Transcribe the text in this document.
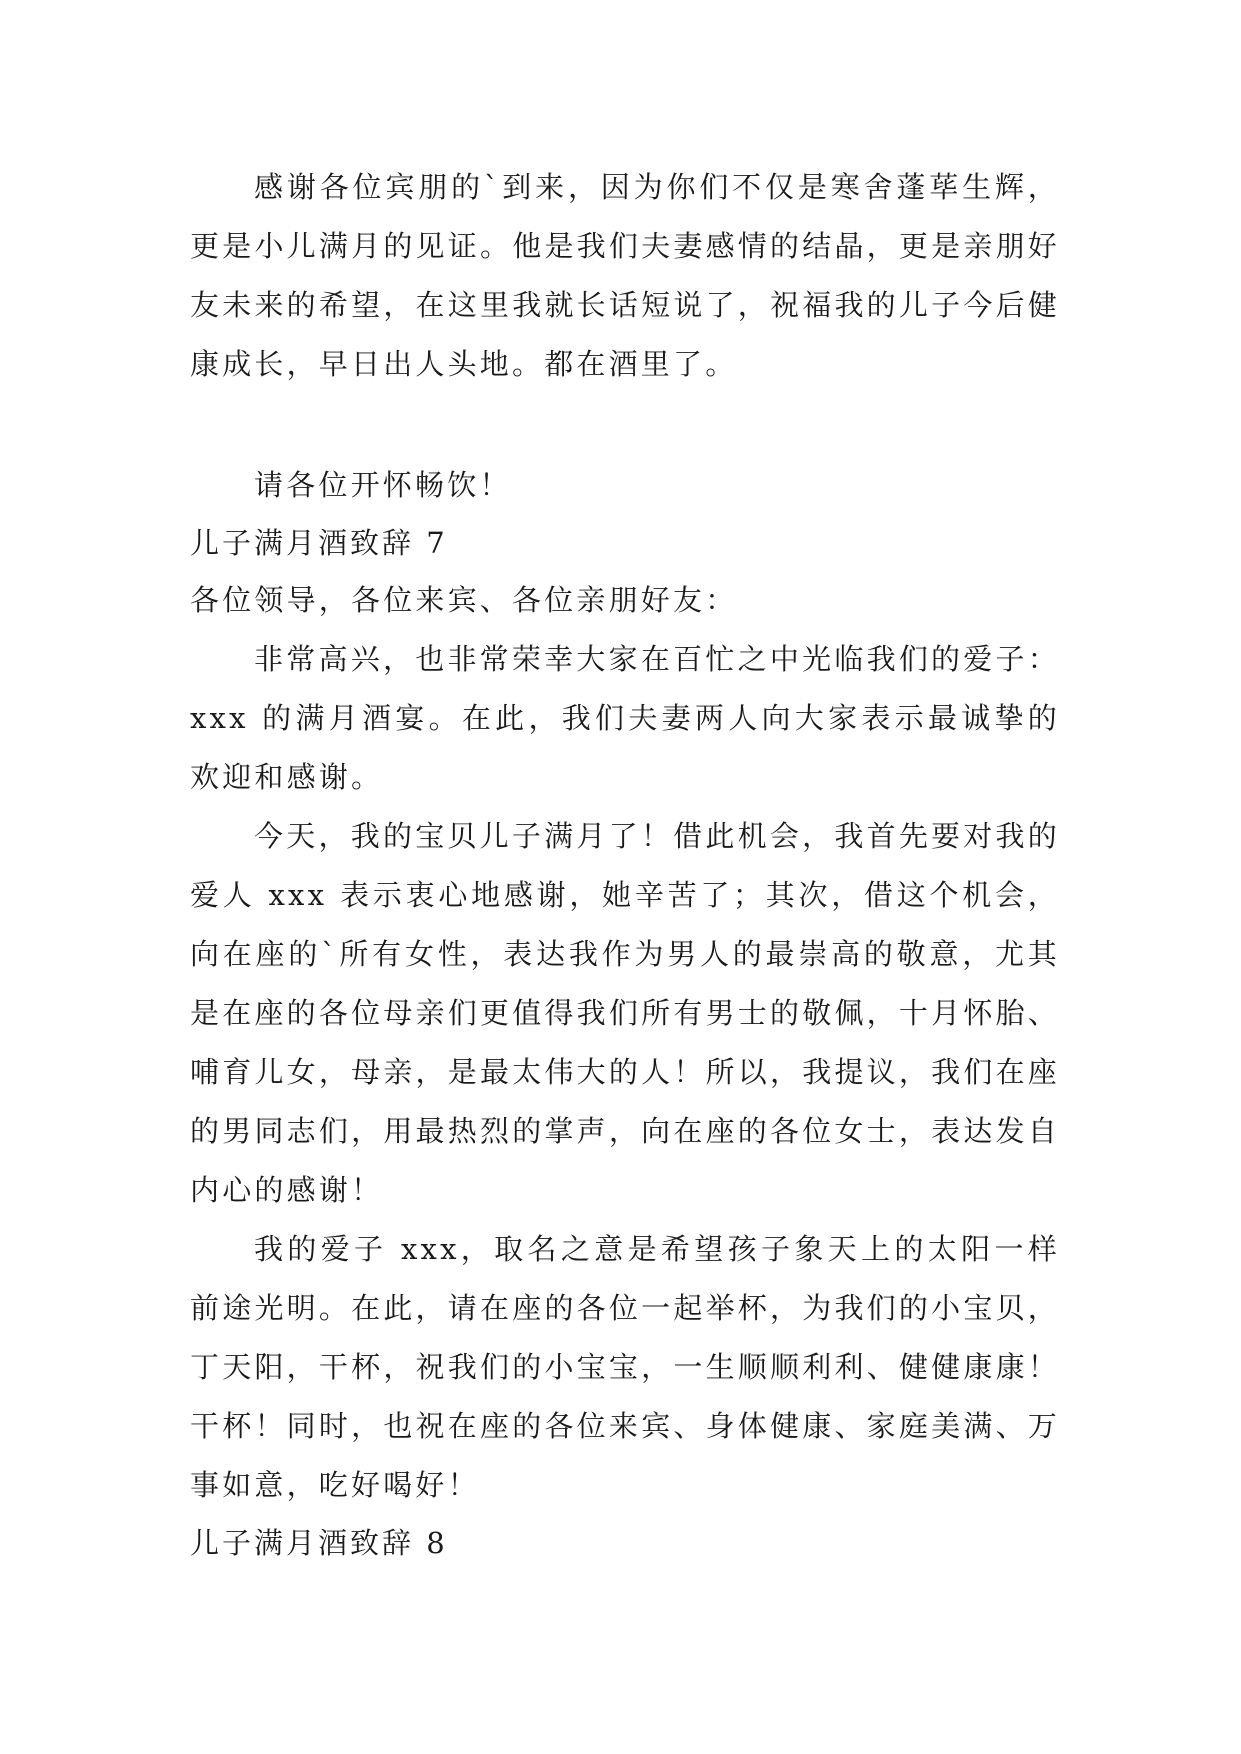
感谢各位宾朋的`到来，因为你们不仅是寒舍蓬荜生辉，更是小儿满月的见证。他是我们夫妻感情的结晶，更是亲朋好友未来的希望，在这里我就长话短说了，祝福我的儿子今后健康成长，早日出人头地。都在酒里了。

请各位开怀畅饮！

儿子满月酒致辞 7

各位领导，各位来宾、各位亲朋好友：

非常高兴，也非常荣幸大家在百忙之中光临我们的爱子：xxx 的满月酒宴。在此，我们夫妻两人向大家表示最诚挚的欢迎和感谢。

今天，我的宝贝儿子满月了！借此机会，我首先要对我的爱人 xxx 表示衷心地感谢，她辛苦了；其次，借这个机会，向在座的`所有女性，表达我作为男人的最崇高的敬意，尤其是在座的各位母亲们更值得我们所有男士的敬佩，十月怀胎、哺育儿女，母亲，是最太伟大的人！所以，我提议，我们在座的男同志们，用最热烈的掌声，向在座的各位女士，表达发自内心的感谢！

我的爱子 xxx，取名之意是希望孩子象天上的太阳一样前途光明。在此，请在座的各位一起举杯，为我们的小宝贝，丁天阳，干杯，祝我们的小宝宝，一生顺顺利利、健健康康！干杯！同时，也祝在座的各位来宾、身体健康、家庭美满、万事如意，吃好喝好！

儿子满月酒致辞 8
